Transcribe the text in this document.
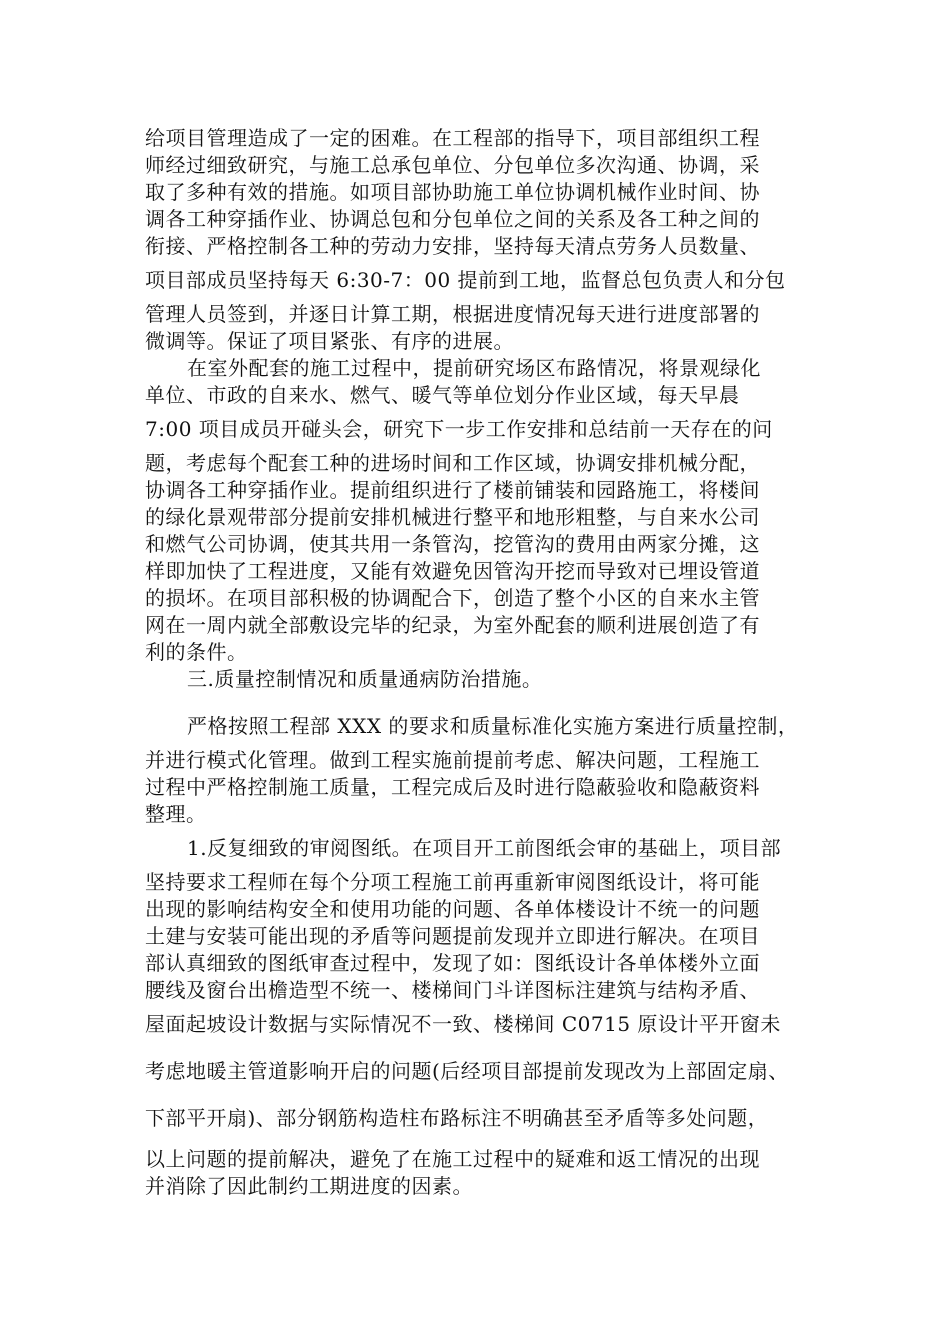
给项目管理造成了一定的困难。在工程部的指导下，项目部组织工程

师经过细致研究，与施工总承包单位、分包单位多次沟通、协调，采

取了多种有效的措施。如项目部协助施工单位协调机械作业时间、协

调各工种穿插作业、协调总包和分包单位之间的关系及各工种之间的

衔接、严格控制各工种的劳动力安排，坚持每天清点劳务人员数量、

项目部成员坚持每天 6:30-7：00 提前到工地，监督总包负责人和分包

管理人员签到，并逐日计算工期，根据进度情况每天进行进度部署的

微调等。保证了项目紧张、有序的进展。

在室外配套的施工过程中，提前研究场区布路情况，将景观绿化

单位、市政的自来水、燃气、暖气等单位划分作业区域，每天早晨

7:00 项目成员开碰头会，研究下一步工作安排和总结前一天存在的问

题，考虑每个配套工种的进场时间和工作区域，协调安排机械分配，

协调各工种穿插作业。提前组织进行了楼前铺装和园路施工，将楼间

的绿化景观带部分提前安排机械进行整平和地形粗整，与自来水公司

和燃气公司协调，使其共用一条管沟，挖管沟的费用由两家分摊，这

样即加快了工程进度，又能有效避免因管沟开挖而导致对已埋设管道

的损坏。在项目部积极的协调配合下，创造了整个小区的自来水主管

网在一周内就全部敷设完毕的纪录，为室外配套的顺利进展创造了有

利的条件。

三.质量控制情况和质量通病防治措施。

严格按照工程部 XXX 的要求和质量标准化实施方案进行质量控制，

并进行模式化管理。做到工程实施前提前考虑、解决问题，工程施工

过程中严格控制施工质量，工程完成后及时进行隐蔽验收和隐蔽资料

整理。

1.反复细致的审阅图纸。在项目开工前图纸会审的基础上，项目部

坚持要求工程师在每个分项工程施工前再重新审阅图纸设计，将可能

出现的影响结构安全和使用功能的问题、各单体楼设计不统一的问题

土建与安装可能出现的矛盾等问题提前发现并立即进行解决。在项目

部认真细致的图纸审查过程中，发现了如：图纸设计各单体楼外立面

腰线及窗台出檐造型不统一、楼梯间门斗详图标注建筑与结构矛盾、

屋面起坡设计数据与实际情况不一致、楼梯间 C0715 原设计平开窗未

考虑地暖主管道影响开启的问题(后经项目部提前发现改为上部固定扇、

下部平开扇)、部分钢筋构造柱布路标注不明确甚至矛盾等多处问题，

以上问题的提前解决，避免了在施工过程中的疑难和返工情况的出现

并消除了因此制约工期进度的因素。
